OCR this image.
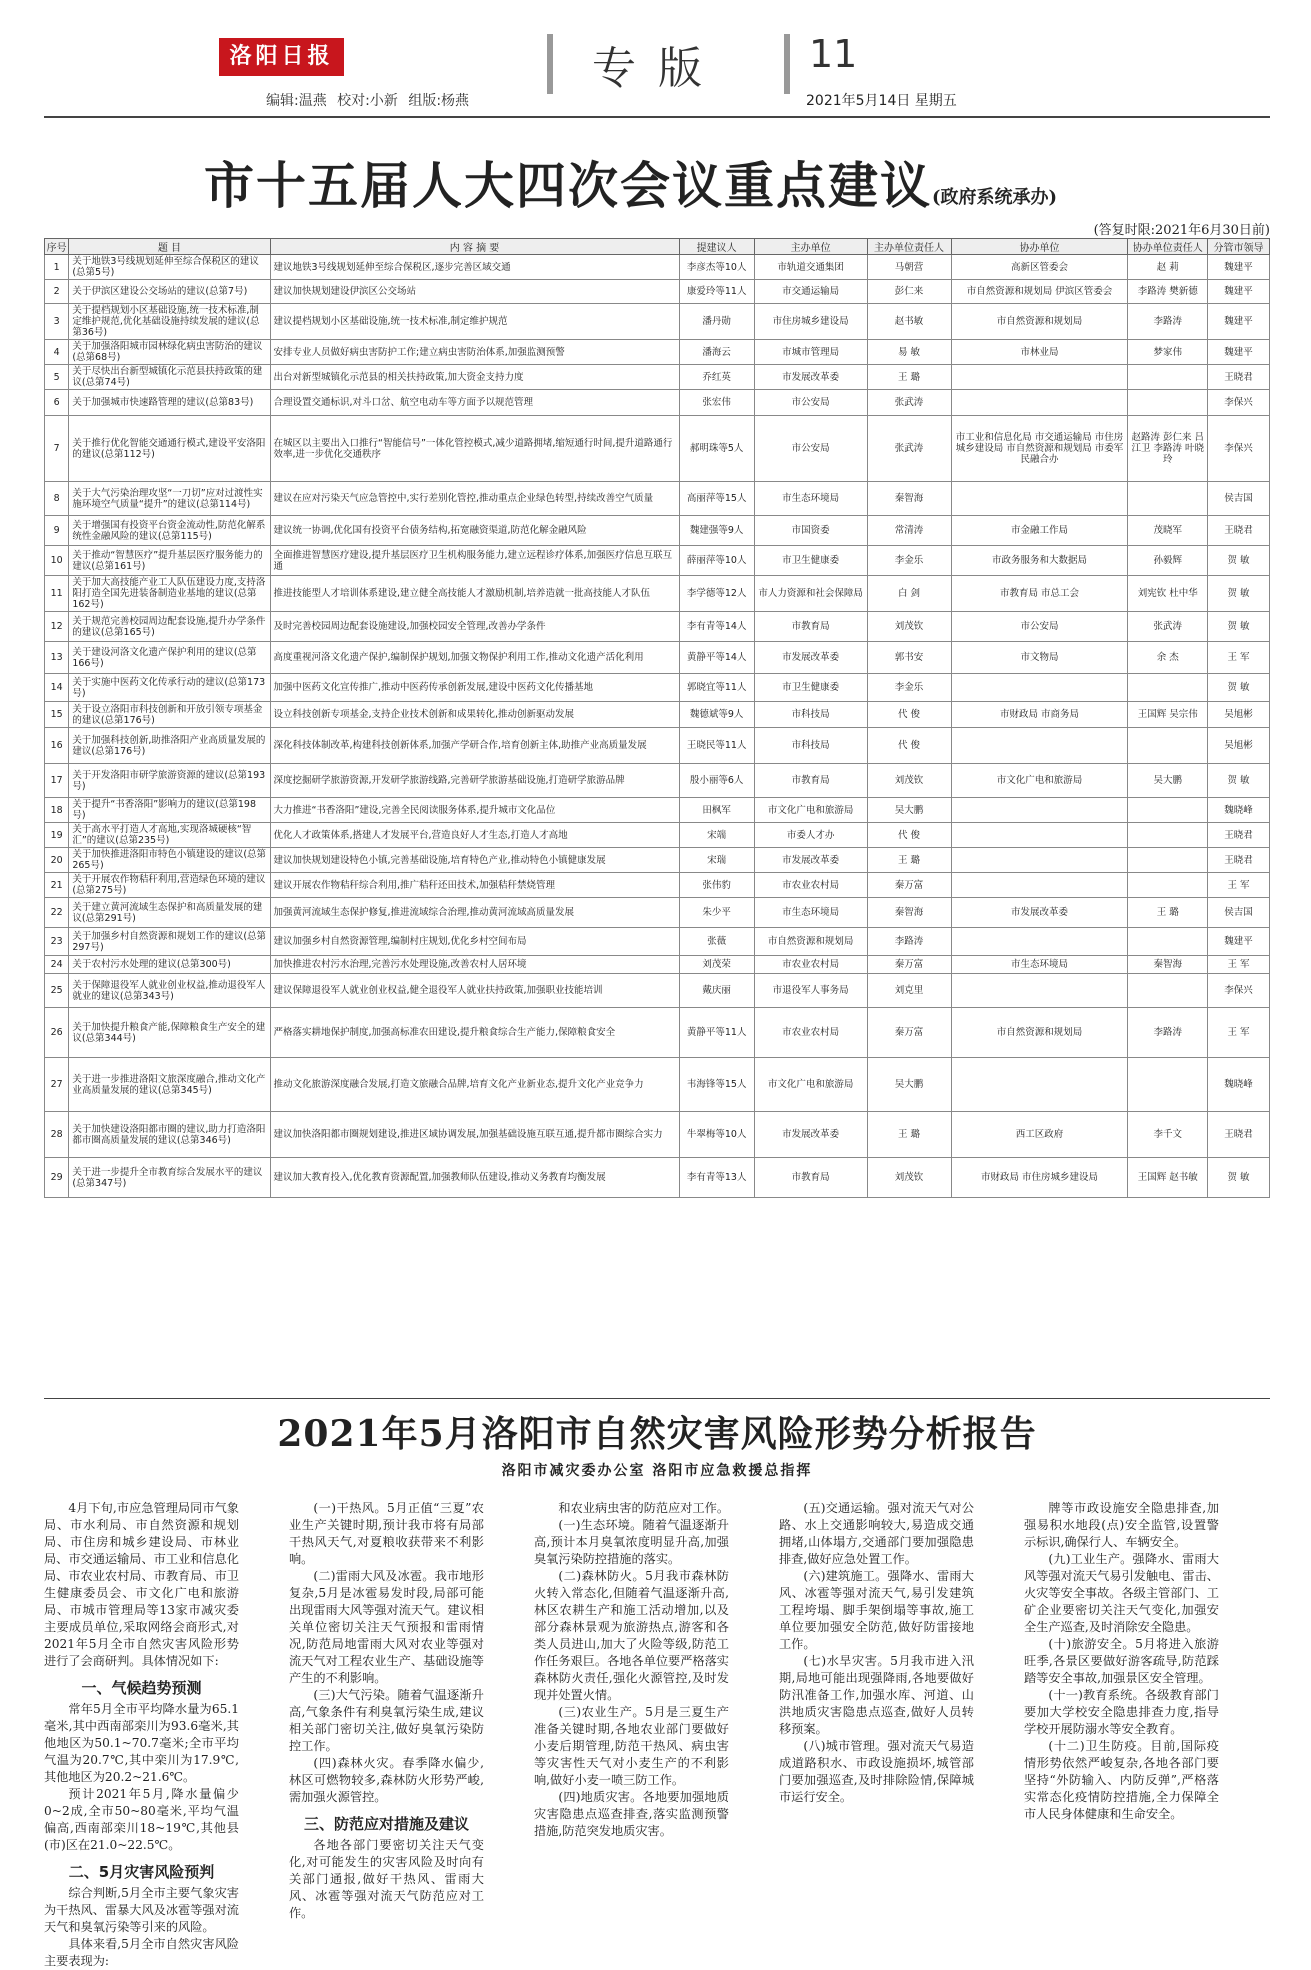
洛阳日报
编辑:温燕 校对:小新 组版:杨燕
专版 11
2021年5月14日 星期五
市十五届人大四次会议重点建议(政府系统承办)
(答复时限:2021年6月30日前)
序号	题 目	内 容 摘 要	提建议人	主办单位	主办单位责任人	协办单位	协办单位责任人	分管市领导
1	关于地铁3号线规划延伸至综合保税区的建议(总第5号)	建议地铁3号线规划延伸至综合保税区,逐步完善区域交通	李彦杰等10人	市轨道交通集团	马朝营	高新区管委会	赵 莉	魏建平
2	关于伊滨区建设公交场站的建议(总第7号)	建议加快规划建设伊滨区公交场站	康爱玲等11人	市交通运输局	彭仁来	市自然资源和规划局 伊滨区管委会	李路涛 樊新德	魏建平
3	关于提档规划小区基础设施,统一技术标准,制定维护规范,优化基础设施持续发展的建议(总第36号)	建议提档规划小区基础设施,统一技术标准,制定维护规范	潘丹勋	市住房城乡建设局	赵书敏	市自然资源和规划局	李路涛	魏建平
4	关于加强洛阳城市园林绿化病虫害防治的建议(总第68号)	安排专业人员做好病虫害防护工作;建立病虫害防治体系,加强监测预警	潘海云	市城市管理局	易 敏	市林业局	梦家伟	魏建平
5	关于尽快出台新型城镇化示范县扶持政策的建议(总第74号)	出台对新型城镇化示范县的相关扶持政策,加大资金支持力度	乔红英	市发展改革委	王 璐			王晓君
6	关于加强城市快速路管理的建议(总第83号)	合理设置交通标识,对斗口岔、航空电动车等方面予以规范管理	张宏伟	市公安局	张武涛			李保兴
7	关于推行优化智能交通通行模式,建设平安洛阳的建议(总第112号)	在城区以主要出入口推行“智能信号”一体化管控模式,减少道路拥堵,缩短通行时间,提升道路通行效率,进一步优化交通秩序	郝明珠等5人	市公安局	张武涛	市工业和信息化局 市交通运输局 市住房城乡建设局 市自然资源和规划局 市委军民融合办	赵路涛 彭仁来 吕江卫 李路涛 叶晓玲	李保兴
8	关于大气污染治理攻坚“一刀切”应对过渡性实施环境空气质量“提升”的建议(总第114号)	建议在应对污染天气应急管控中,实行差别化管控,推动重点企业绿色转型,持续改善空气质量	高丽萍等15人	市生态环境局	秦智海			侯吉国
9	关于增强国有投资平台资金流动性,防范化解系统性金融风险的建议(总第115号)	建议统一协调,优化国有投资平台债务结构,拓宽融资渠道,防范化解金融风险	魏建强等9人	市国资委	常清涛	市金融工作局	茂晓军	王晓君
10	关于推动“智慧医疗”提升基层医疗服务能力的建议(总第161号)	全面推进智慧医疗建设,提升基层医疗卫生机构服务能力,建立远程诊疗体系,加强医疗信息互联互通	薛丽萍等10人	市卫生健康委	李金乐	市政务服务和大数据局	孙毅辉	贺 敏
11	关于加大高技能产业工人队伍建设力度,支持洛阳打造全国先进装备制造业基地的建议(总第162号)	推进技能型人才培训体系建设,建立健全高技能人才激励机制,培养造就一批高技能人才队伍	李学德等12人	市人力资源和社会保障局	白 剑	市教育局 市总工会	刘宪钦 杜中华	贺 敏
12	关于规范完善校园周边配套设施,提升办学条件的建议(总第165号)	及时完善校园周边配套设施建设,加强校园安全管理,改善办学条件	李有青等14人	市教育局	刘茂钦	市公安局	张武涛	贺 敏
13	关于建设河洛文化遗产保护利用的建议(总第166号)	高度重视河洛文化遗产保护,编制保护规划,加强文物保护利用工作,推动文化遗产活化利用	黄静平等14人	市发展改革委	郭书安	市文物局	余 杰	王 军
14	关于实施中医药文化传承行动的建议(总第173号)	加强中医药文化宣传推广,推动中医药传承创新发展,建设中医药文化传播基地	郭晓宜等11人	市卫生健康委	李金乐			贺 敏
15	关于设立洛阳市科技创新和开放引领专项基金的建议(总第176号)	设立科技创新专项基金,支持企业技术创新和成果转化,推动创新驱动发展	魏德斌等9人	市科技局	代 俊	市财政局 市商务局	王国辉 吴宗伟	吴旭彬
16	关于加强科技创新,助推洛阳产业高质量发展的建议(总第176号)	深化科技体制改革,构建科技创新体系,加强产学研合作,培育创新主体,助推产业高质量发展	王晓民等11人	市科技局	代 俊			吴旭彬
17	关于开发洛阳市研学旅游资源的建议(总第193号)	深度挖掘研学旅游资源,开发研学旅游线路,完善研学旅游基础设施,打造研学旅游品牌	殷小丽等6人	市教育局	刘茂钦	市文化广电和旅游局	吴大鹏	贺 敏
18	关于提升“书香洛阳”影响力的建议(总第198号)	大力推进“书香洛阳”建设,完善全民阅读服务体系,提升城市文化品位	田枫军	市文化广电和旅游局	吴大鹏			魏晓峰
19	关于高水平打造人才高地,实现洛城硬核“智汇”的建议(总第235号)	优化人才政策体系,搭建人才发展平台,营造良好人才生态,打造人才高地	宋端	市委人才办	代 俊			王晓君
20	关于加快推进洛阳市特色小镇建设的建议(总第265号)	建议加快规划建设特色小镇,完善基础设施,培育特色产业,推动特色小镇健康发展	宋瑞	市发展改革委	王 璐			王晓君
21	关于开展农作物秸秆利用,营造绿色环境的建议(总第275号)	建议开展农作物秸秆综合利用,推广秸秆还田技术,加强秸秆禁烧管理	张伟豹	市农业农村局	秦万富			王 军
22	关于建立黄河流域生态保护和高质量发展的建议(总第291号)	加强黄河流域生态保护修复,推进流域综合治理,推动黄河流域高质量发展	朱少平	市生态环境局	秦智海	市发展改革委	王 璐	侯吉国
23	关于加强乡村自然资源和规划工作的建议(总第297号)	建议加强乡村自然资源管理,编制村庄规划,优化乡村空间布局	张薇	市自然资源和规划局	李路涛			魏建平
24	关于农村污水处理的建议(总第300号)	加快推进农村污水治理,完善污水处理设施,改善农村人居环境	刘茂荣	市农业农村局	秦万富	市生态环境局	秦智海	王 军
25	关于保障退役军人就业创业权益,推动退役军人就业的建议(总第343号)	建议保障退役军人就业创业权益,健全退役军人就业扶持政策,加强职业技能培训	戴庆丽	市退役军人事务局	刘克里			李保兴
26	关于加快提升粮食产能,保障粮食生产安全的建议(总第344号)	严格落实耕地保护制度,加强高标准农田建设,提升粮食综合生产能力,保障粮食安全	黄静平等11人	市农业农村局	秦万富	市自然资源和规划局	李路涛	王 军
27	关于进一步推进洛阳文旅深度融合,推动文化产业高质量发展的建议(总第345号)	推动文化旅游深度融合发展,打造文旅融合品牌,培育文化产业新业态,提升文化产业竞争力	韦海锋等15人	市文化广电和旅游局	吴大鹏			魏晓峰
28	关于加快建设洛阳都市圈的建议,助力打造洛阳都市圈高质量发展的建议(总第346号)	建议加快洛阳都市圈规划建设,推进区域协调发展,加强基础设施互联互通,提升都市圈综合实力	牛翠梅等10人	市发展改革委	王 璐	西工区政府	李千文	王晓君
29	关于进一步提升全市教育综合发展水平的建议(总第347号)	建议加大教育投入,优化教育资源配置,加强教师队伍建设,推动义务教育均衡发展	李有青等13人	市教育局	刘茂钦	市财政局 市住房城乡建设局	王国辉 赵书敏	贺 敏
2021年5月洛阳市自然灾害风险形势分析报告
洛阳市减灾委办公室 洛阳市应急救援总指挥

4月下旬,市应急管理局同市气象局、市水利局、市自然资源和规划局、市住房和城乡建设局、市林业局、市交通运输局、市工业和信息化局、市农业农村局、市教育局、市卫生健康委员会、市文化广电和旅游局、市城市管理局等13家市减灾委主要成员单位,采取网络会商形式,对2021年5月全市自然灾害风险形势进行了会商研判。具体情况如下:

一、气候趋势预测

常年5月全市平均降水量为65.1毫米,其中西南部栾川为93.6毫米,其他地区为50.1~70.7毫米;全市平均气温为20.7℃,其中栾川为17.9℃,其他地区为20.2~21.6℃。

预计2021年5月,降水量偏少0~2成,全市50~80毫米,平均气温偏高,西南部栾川18~19℃,其他县(市)区在21.0~22.5℃。

二、5月灾害风险预判

综合判断,5月全市主要气象灾害为干热风、雷暴大风及冰雹等强对流天气和臭氧污染等引来的风险。

具体来看,5月全市自然灾害风险主要表现为:

(一)干热风。5月正值“三夏”农业生产关键时期,预计我市将有局部干热风天气,对夏粮收获带来不利影响。

(二)雷雨大风及冰雹。我市地形复杂,5月是冰雹易发时段,局部可能出现雷雨大风等强对流天气。建议相关单位密切关注天气预报和雷雨情况,防范局地雷雨大风对农业等强对流天气对工程农业生产、基础设施等产生的不利影响。

(三)大气污染。随着气温逐渐升高,气象条件有利臭氧污染生成,建议相关部门密切关注,做好臭氧污染防控工作。

(四)森林火灾。春季降水偏少,林区可燃物较多,森林防火形势严峻,需加强火源管控。

三、防范应对措施及建议

各地各部门要密切关注天气变化,对可能发生的灾害风险及时向有关部门通报,做好干热风、雷雨大风、冰雹等强对流天气防范应对工作。

和农业病虫害的防范应对工作。

(一)生态环境。随着气温逐渐升高,预计本月臭氧浓度明显升高,加强臭氧污染防控措施的落实。

(二)森林防火。5月我市森林防火转入常态化,但随着气温逐渐升高,林区农耕生产和施工活动增加,以及部分森林景观为旅游热点,游客和各类人员进山,加大了火险等级,防范工作任务艰巨。各地各单位要严格落实森林防火责任,强化火源管控,及时发现并处置火情。

(三)农业生产。5月是三夏生产准备关键时期,各地农业部门要做好小麦后期管理,防范干热风、病虫害等灾害性天气对小麦生产的不利影响,做好小麦一喷三防工作。

(四)地质灾害。各地要加强地质灾害隐患点巡查排查,落实监测预警措施,防范突发地质灾害。

(五)交通运输。强对流天气对公路、水上交通影响较大,易造成交通拥堵,山体塌方,交通部门要加强隐患排查,做好应急处置工作。

(六)建筑施工。强降水、雷雨大风、冰雹等强对流天气,易引发建筑工程垮塌、脚手架倒塌等事故,施工单位要加强安全防范,做好防雷接地工作。

(七)水旱灾害。5月我市进入汛期,局地可能出现强降雨,各地要做好防汛准备工作,加强水库、河道、山洪地质灾害隐患点巡查,做好人员转移预案。

(八)城市管理。强对流天气易造成道路积水、市政设施损坏,城管部门要加强巡查,及时排除险情,保障城市运行安全。

牌等市政设施安全隐患排查,加强易积水地段(点)安全监管,设置警示标识,确保行人、车辆安全。

(九)工业生产。强降水、雷雨大风等强对流天气易引发触电、雷击、火灾等安全事故。各级主管部门、工矿企业要密切关注天气变化,加强安全生产巡查,及时消除安全隐患。

(十)旅游安全。5月将进入旅游旺季,各景区要做好游客疏导,防范踩踏等安全事故,加强景区安全管理。

(十一)教育系统。各级教育部门要加大学校安全隐患排查力度,指导学校开展防溺水等安全教育。

(十二)卫生防疫。目前,国际疫情形势依然严峻复杂,各地各部门要坚持“外防输入、内防反弹”,严格落实常态化疫情防控措施,全力保障全市人民身体健康和生命安全。
